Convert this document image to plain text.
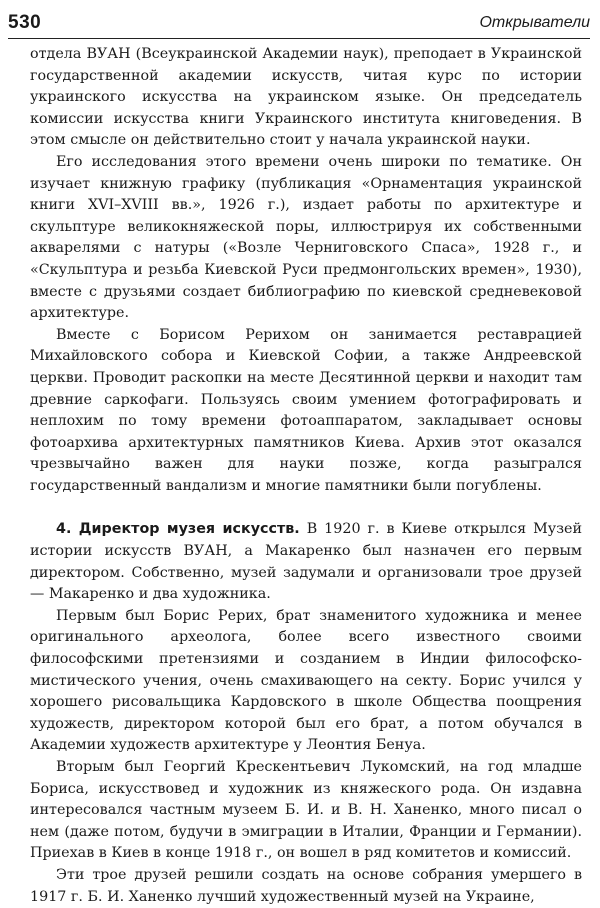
530	Открыватели

отдела ВУАН (Всеукраинской Академии наук), преподает в Украинской государственной академии искусств, читая курс по истории украинского искусства на украинском языке. Он председатель комиссии искусства книги Украинского института книговедения. В этом смысле он действительно стоит у начала украинской науки.

Его исследования этого времени очень широки по тематике. Он изучает книжную графику (публикация «Орнаментация украинской книги XVI–XVIII вв.», 1926 г.), издает работы по архитектуре и скульптуре великокняжеской поры, иллюстрируя их собственными акварелями с натуры («Возле Черниговского Спаса», 1928 г., и «Скульптура и резьба Киевской Руси предмонгольских времен», 1930), вместе с друзьями создает библиографию по киевской средневековой архитектуре.

Вместе с Борисом Рерихом он занимается реставрацией Михайловского собора и Киевской Софии, а также Андреевской церкви. Проводит раскопки на месте Десятинной церкви и находит там древние саркофаги. Пользуясь своим умением фотографировать и неплохим по тому времени фотоаппаратом, закладывает основы фотоархива архитектурных памятников Киева. Архив этот оказался чрезвычайно важен для науки позже, когда разыгрался государственный вандализм и многие памятники были погублены.

4. Директор музея искусств. В 1920 г. в Киеве открылся Музей истории искусств ВУАН, а Макаренко был назначен его первым директором. Собственно, музей задумали и организовали трое друзей — Макаренко и два художника.

Первым был Борис Рерих, брат знаменитого художника и менее оригинального археолога, более всего известного своими философскими претензиями и созданием в Индии философско-мистического учения, очень смахивающего на секту. Борис учился у хорошего рисовальщика Кардовского в школе Общества поощрения художеств, директором которой был его брат, а потом обучался в Академии художеств архитектуре у Леонтия Бенуа.

Вторым был Георгий Крескентьевич Лукомский, на год младше Бориса, искусствовед и художник из княжеского рода. Он издавна интересовался частным музеем Б. И. и В. Н. Ханенко, много писал о нем (даже потом, будучи в эмиграции в Италии, Франции и Германии). Приехав в Киев в конце 1918 г., он вошел в ряд комитетов и комиссий.

Эти трое друзей решили создать на основе собрания умершего в 1917 г. Б. И. Ханенко лучший художественный музей на Украине,
